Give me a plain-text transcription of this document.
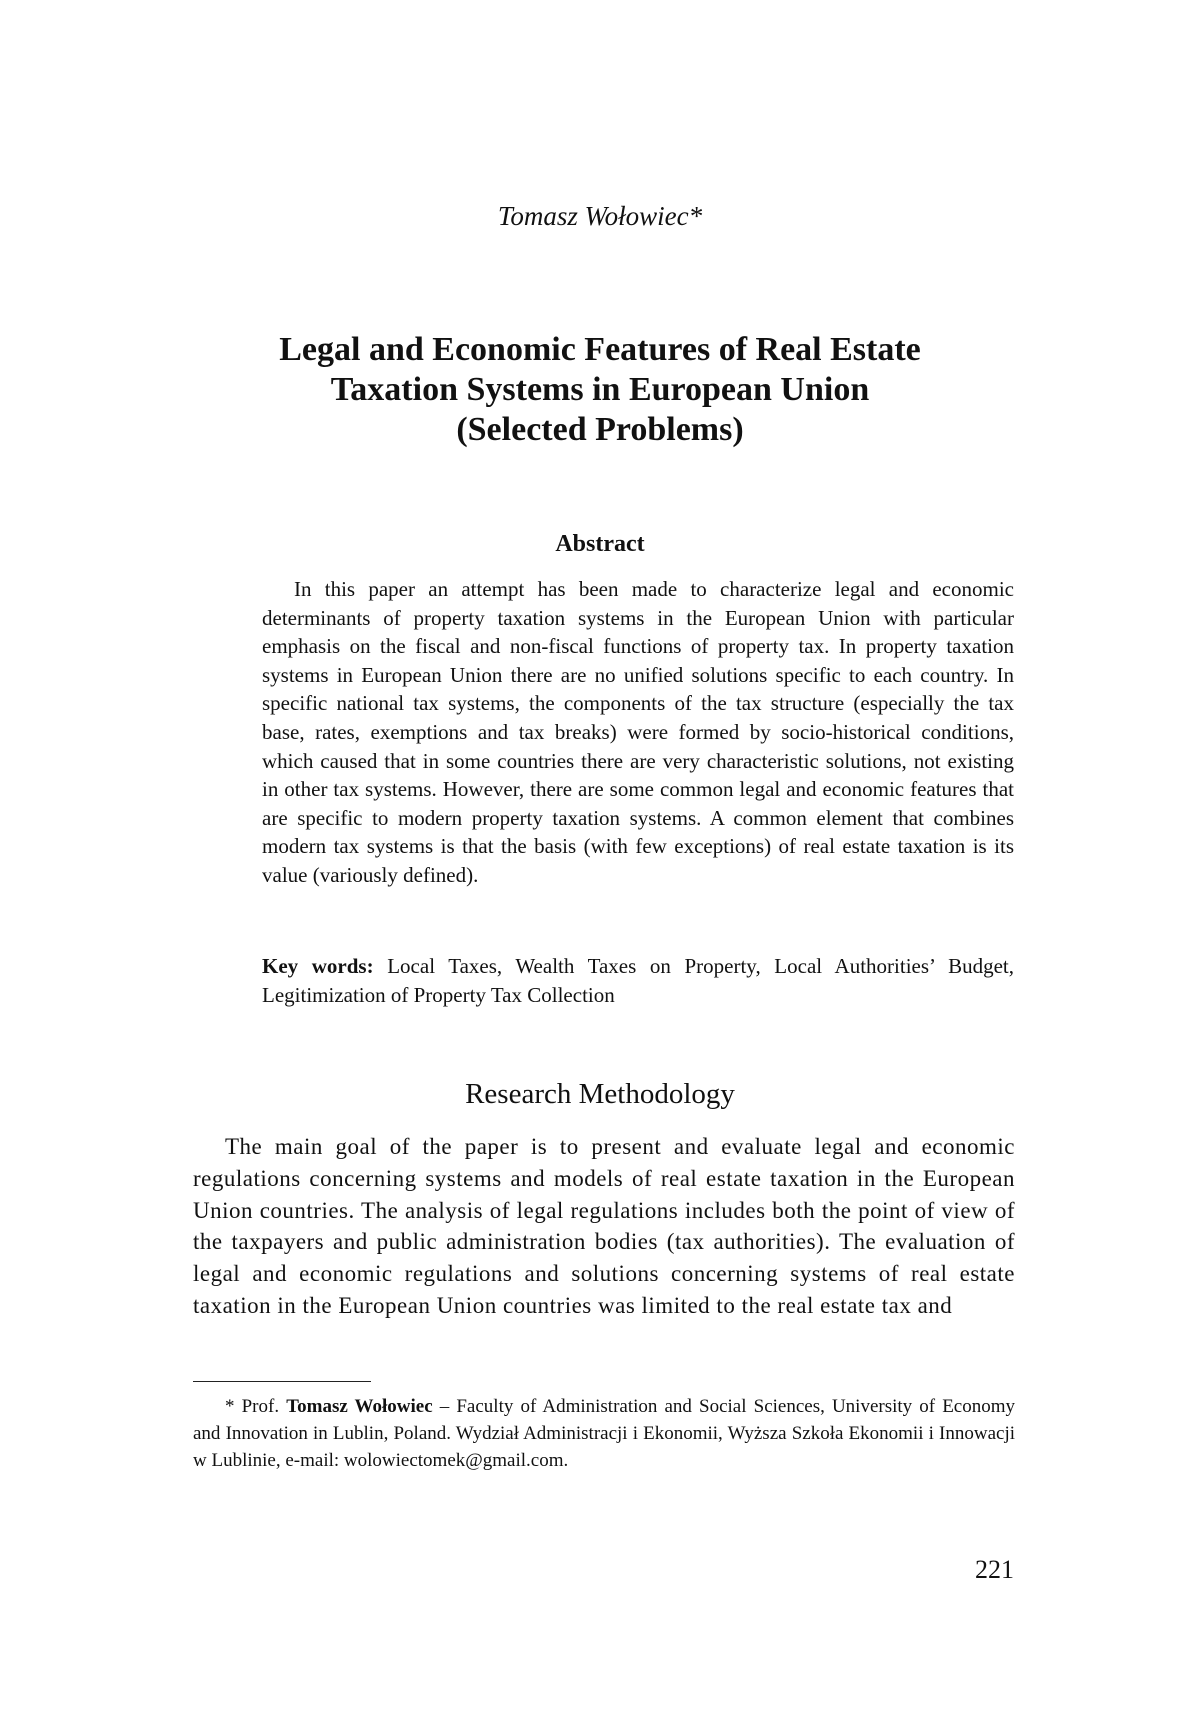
Tomasz Wołowiec*
Legal and Economic Features of Real Estate
Taxation Systems in European Union
(Selected Problems)
Abstract

In this paper an attempt has been made to characterize legal and economic determinants of property taxation systems in the European Union with particular emphasis on the fiscal and non-fiscal functions of property tax. In property taxation systems in European Union there are no unified solutions specific to each country. In specific national tax systems, the components of the tax structure (especially the tax base, rates, exemptions and tax breaks) were formed by socio-historical conditions, which caused that in some countries there are very characteristic solutions, not existing in other tax systems. However, there are some common legal and economic features that are specific to modern property taxation systems. A common element that combines modern tax systems is that the basis (with few exceptions) of real estate taxation is its value (variously defined).

Key words: Local Taxes, Wealth Taxes on Property, Local Authorities’ Budget, Legitimization of Property Tax Collection

Research Methodology

The main goal of the paper is to present and evaluate legal and economic regulations concerning systems and models of real estate taxation in the European Union countries. The analysis of legal regulations includes both the point of view of the taxpayers and public administration bodies (tax authorities). The evaluation of legal and economic regulations and solutions concerning systems of real estate taxation in the European Union countries was limited to the real estate tax and

* Prof. Tomasz Wołowiec – Faculty of Administration and Social Sciences, University of Economy and Innovation in Lublin, Poland. Wydział Administracji i Ekonomii, Wyższa Szkoła Ekonomii i Innowacji w Lublinie, e-mail: wolowiectomek@gmail.com.

221
